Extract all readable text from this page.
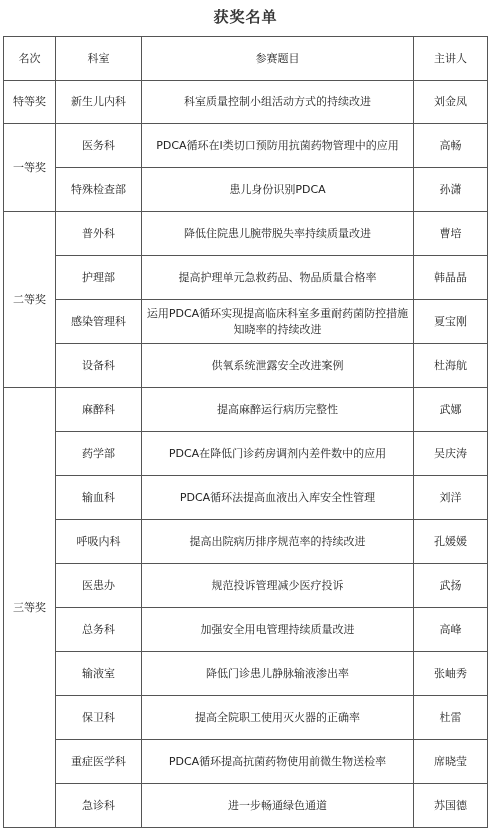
获奖名单
名次	科室	参赛题目	主讲人
特等奖	新生儿内科	科室质量控制小组活动方式的持续改进	刘金凤
一等奖	医务科	PDCA循环在Ⅰ类切口预防用抗菌药物管理中的应用	高畅
	特殊检查部	患儿身份识别PDCA	孙潇
二等奖	普外科	降低住院患儿腕带脱失率持续质量改进	曹培
	护理部	提高护理单元急救药品、物品质量合格率	韩晶晶
	感染管理科	运用PDCA循环实现提高临床科室多重耐药菌防控措施知晓率的持续改进	夏宝刚
	设备科	供氧系统泄露安全改进案例	杜海航
三等奖	麻醉科	提高麻醉运行病历完整性	武娜
	药学部	PDCA在降低门诊药房调剂内差件数中的应用	吴庆涛
	输血科	PDCA循环法提高血液出入库安全性管理	刘洋
	呼吸内科	提高出院病历排序规范率的持续改进	孔媛媛
	医患办	规范投诉管理减少医疗投诉	武扬
	总务科	加强安全用电管理持续质量改进	高峰
	输液室	降低门诊患儿静脉输液渗出率	张岫秀
	保卫科	提高全院职工使用灭火器的正确率	杜雷
	重症医学科	PDCA循环提高抗菌药物使用前微生物送检率	席晓莹
	急诊科	进一步畅通绿色通道	苏国德
